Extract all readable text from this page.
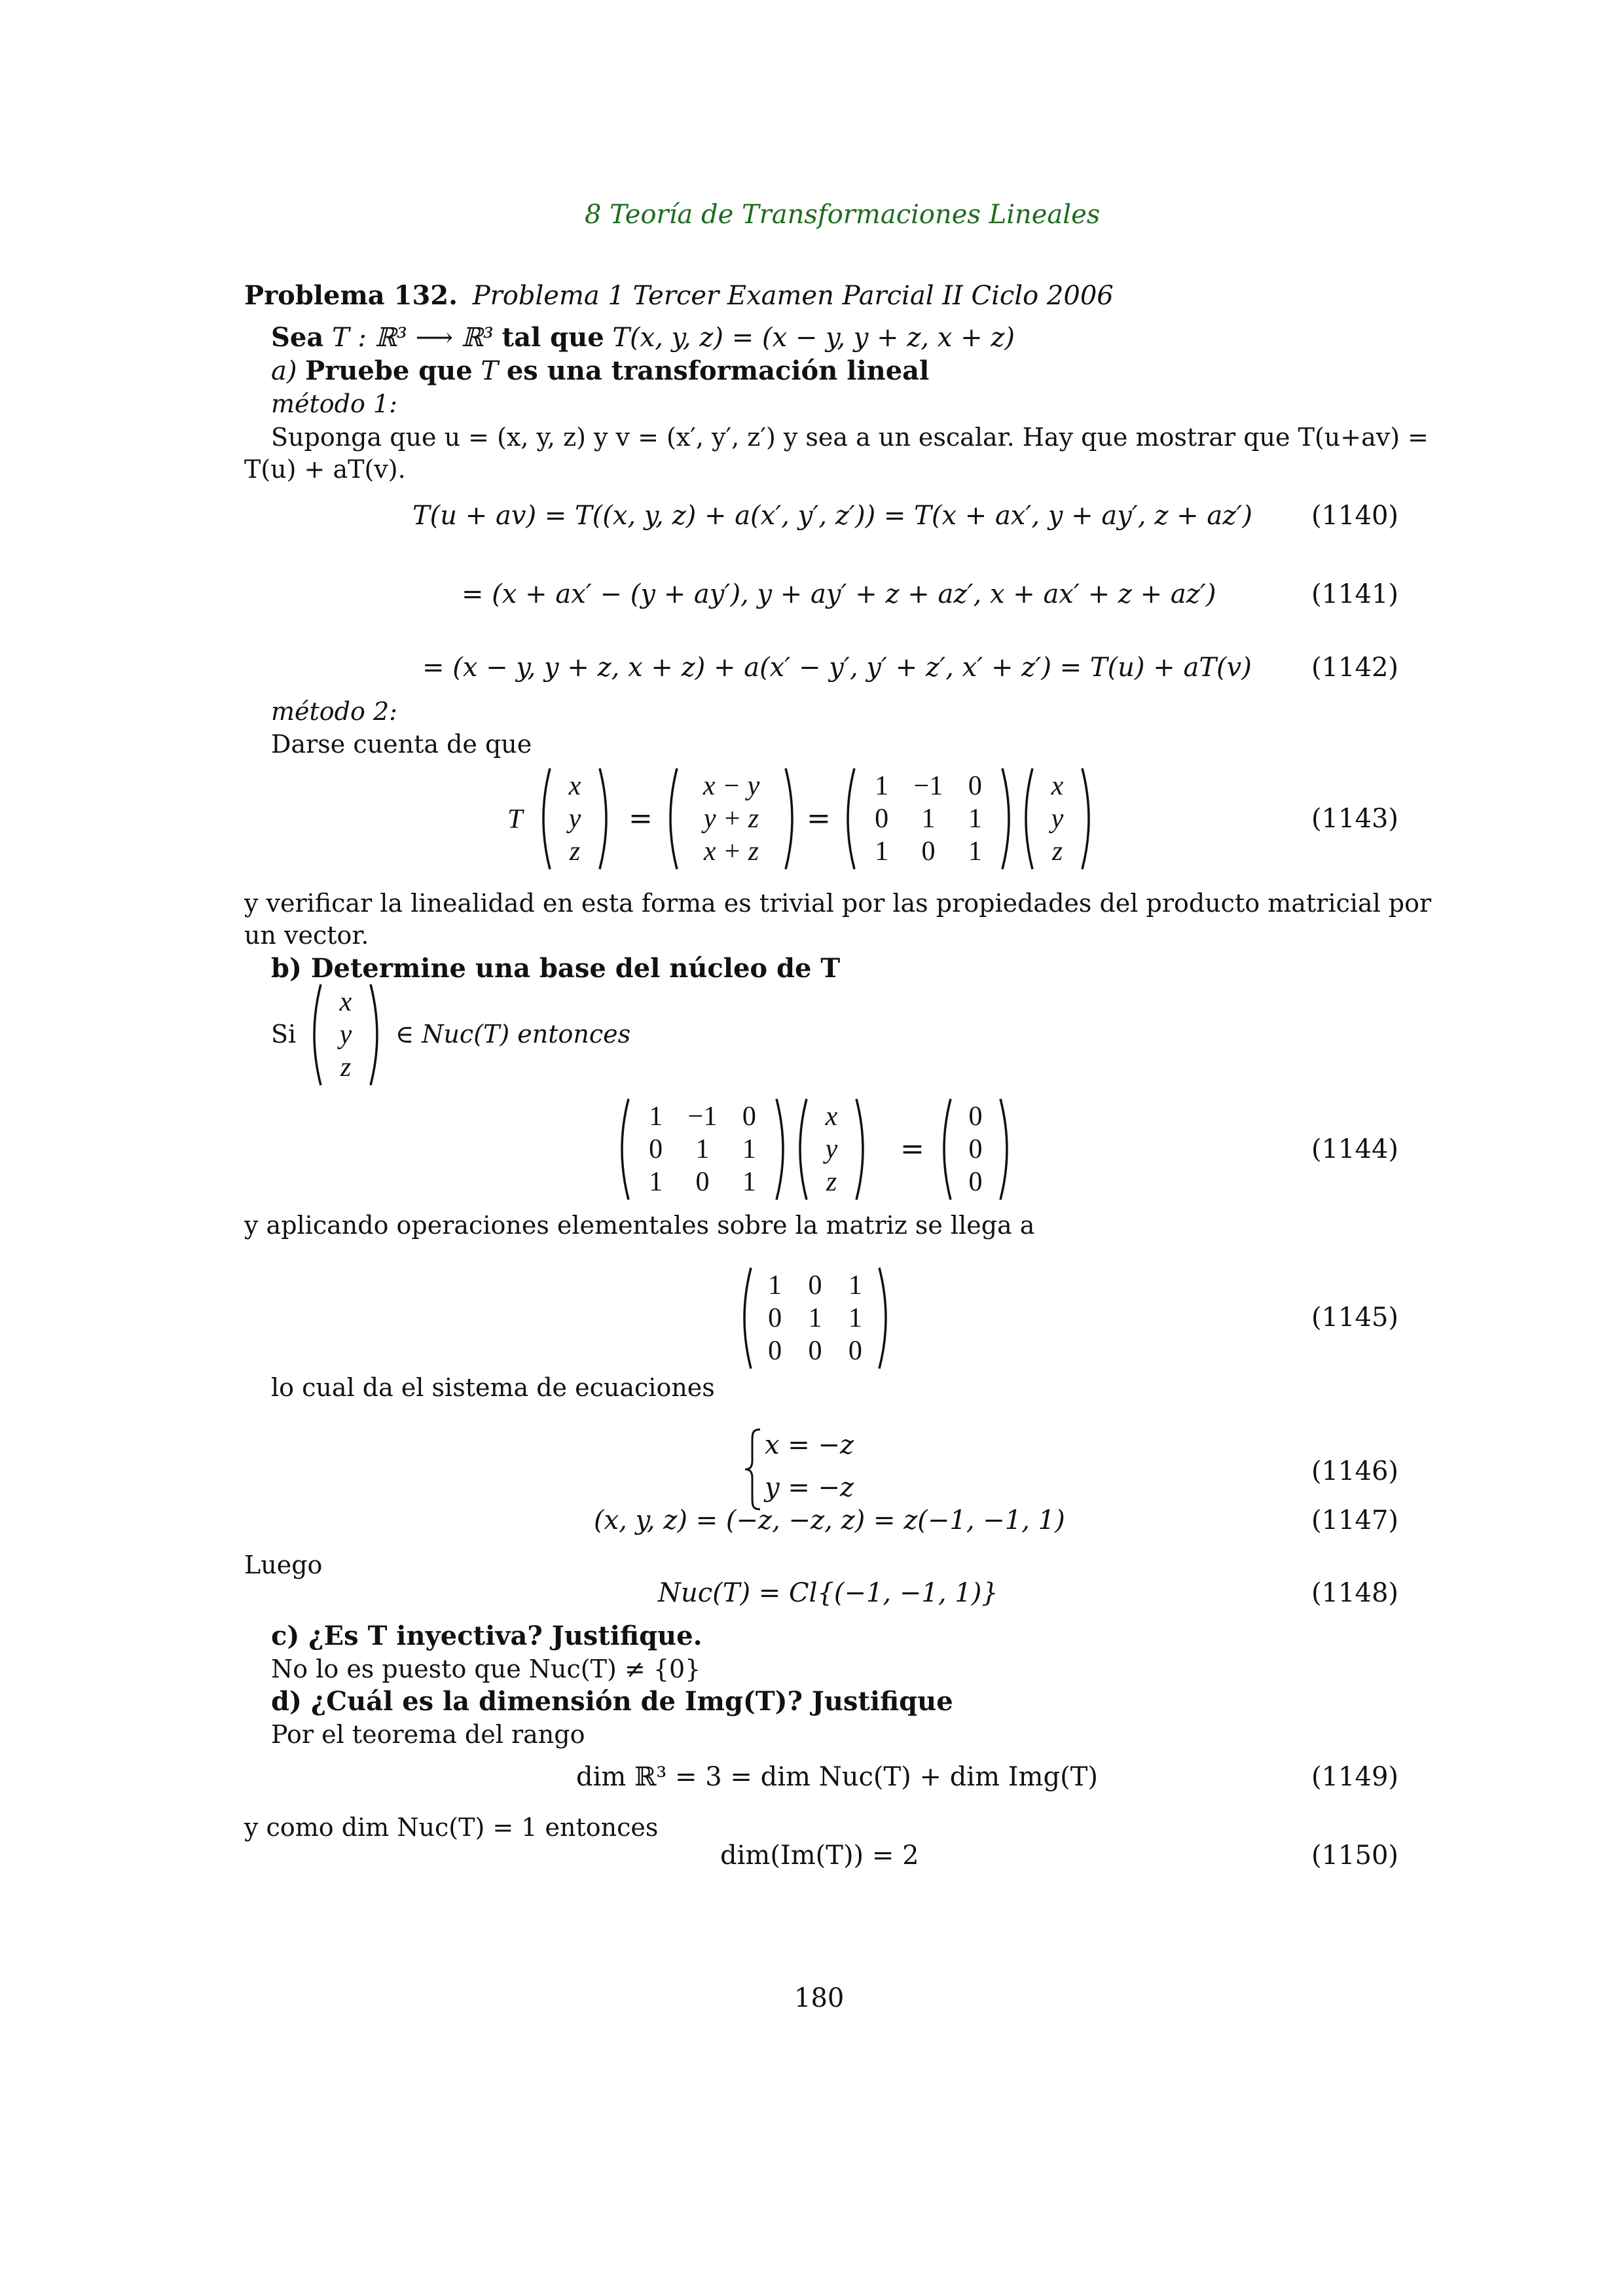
8 Teoría de Transformaciones Lineales
Problema 132. Problema 1 Tercer Examen Parcial II Ciclo 2006
Sea T : ℝ³ ⟶ ℝ³ tal que T(x, y, z) = (x − y, y + z, x + z)
a) Pruebe que T es una transformación lineal
método 1:
Suponga que u = (x, y, z) y v = (x′, y′, z′) y sea a un escalar. Hay que mostrar que T(u+av) =
T(u) + aT(v).
T(u + av) = T((x, y, z) + a(x′, y′, z′)) = T(x + ax′, y + ay′, z + az′)
= (x + ax′ − (y + ay′), y + ay′ + z + az′, x + ax′ + z + az′)
= (x − y, y + z, x + z) + a(x′ − y′, y′ + z′, x′ + z′) = T(u) + aT(v)
método 2:
Darse cuenta de que
T
x
y
z
=
x − y
y + z
x + z
=
1 −1 0
0	1	1
1	0	1
x
y
z
y verificar la linealidad en esta forma es trivial por las propiedades del producto matricial por
un vector.
b) Determine una base del núcleo de T
Si
x
y
z
∈ Nuc(T) entonces
1 −1 0
0	1	1
1	0	1
x
y
z
=
0
0
0
y aplicando operaciones elementales sobre la matriz se llega a
1 0 1
0 1 1
0 0 0
lo cual da el sistema de ecuaciones
x = −z
y = −z
(x, y, z) = (−z, −z, z) = z(−1, −1, 1)
Luego
Nuc(T) = Cl{(−1, −1, 1)}
c) ¿Es T inyectiva? Justifique.
No lo es puesto que Nuc(T) ≠ {0}
d) ¿Cuál es la dimensión de Img(T)? Justifique
Por el teorema del rango
dim ℝ³ = 3 = dim Nuc(T) + dim Img(T)
y como dim Nuc(T) = 1 entonces
dim(Im(T)) = 2
(1140)
(1141)
(1142)
(1143)
(1144)
(1145)
(1146)
(1147)
(1148)
(1149)
(1150)
180
